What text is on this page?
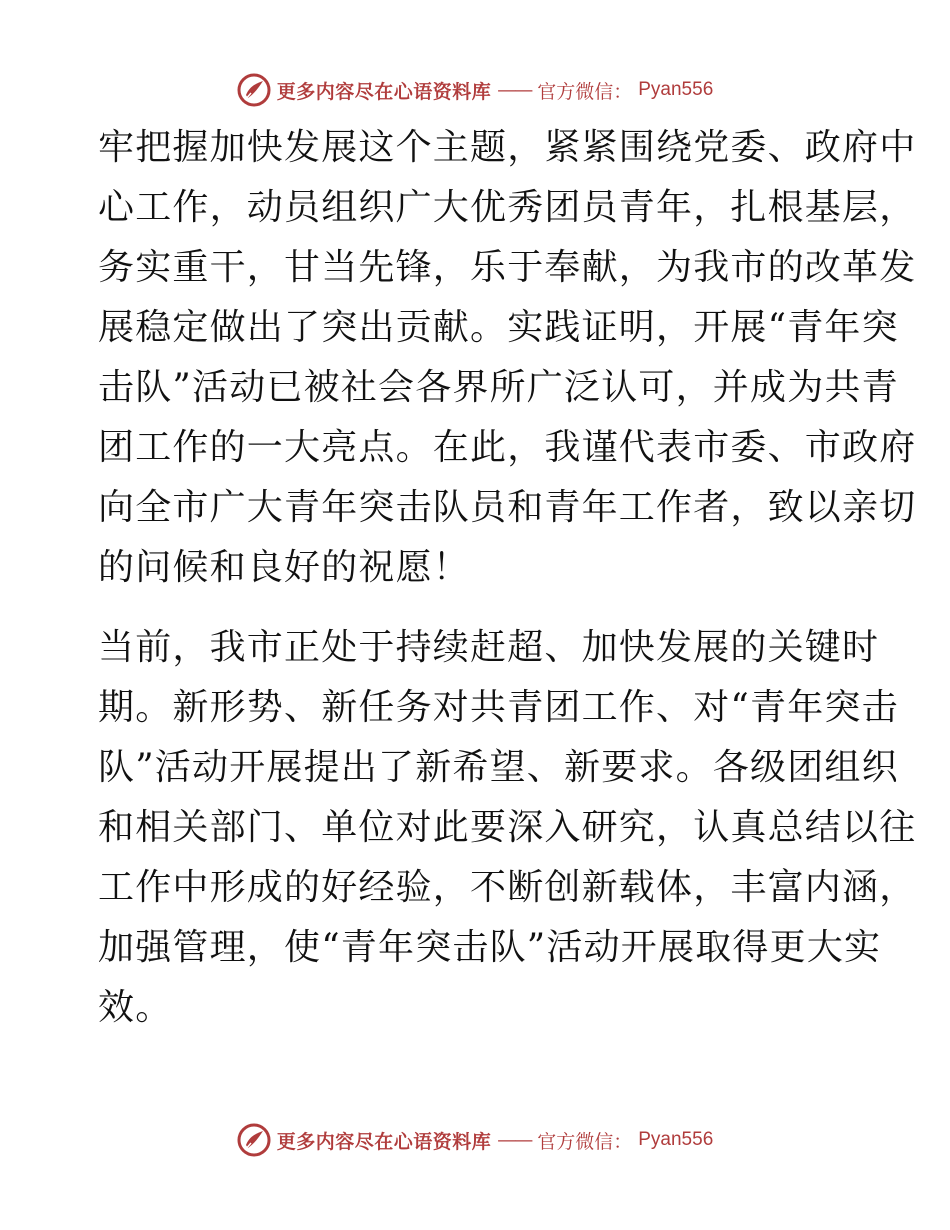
更多内容尽在心语资料库 —— 官方微信： Pyan556
牢把握加快发展这个主题，紧紧围绕党委、政府中
心工作，动员组织广大优秀团员青年，扎根基层，
务实重干，甘当先锋，乐于奉献，为我市的改革发
展稳定做出了突出贡献。实践证明，开展“青年突
击队”活动已被社会各界所广泛认可，并成为共青
团工作的一大亮点。在此，我谨代表市委、市政府
向全市广大青年突击队员和青年工作者，致以亲切
的问候和良好的祝愿！
当前，我市正处于持续赶超、加快发展的关键时
期。新形势、新任务对共青团工作、对“青年突击
队”活动开展提出了新希望、新要求。各级团组织
和相关部门、单位对此要深入研究，认真总结以往
工作中形成的好经验，不断创新载体，丰富内涵，
加强管理，使“青年突击队”活动开展取得更大实
效。
更多内容尽在心语资料库 —— 官方微信： Pyan556
